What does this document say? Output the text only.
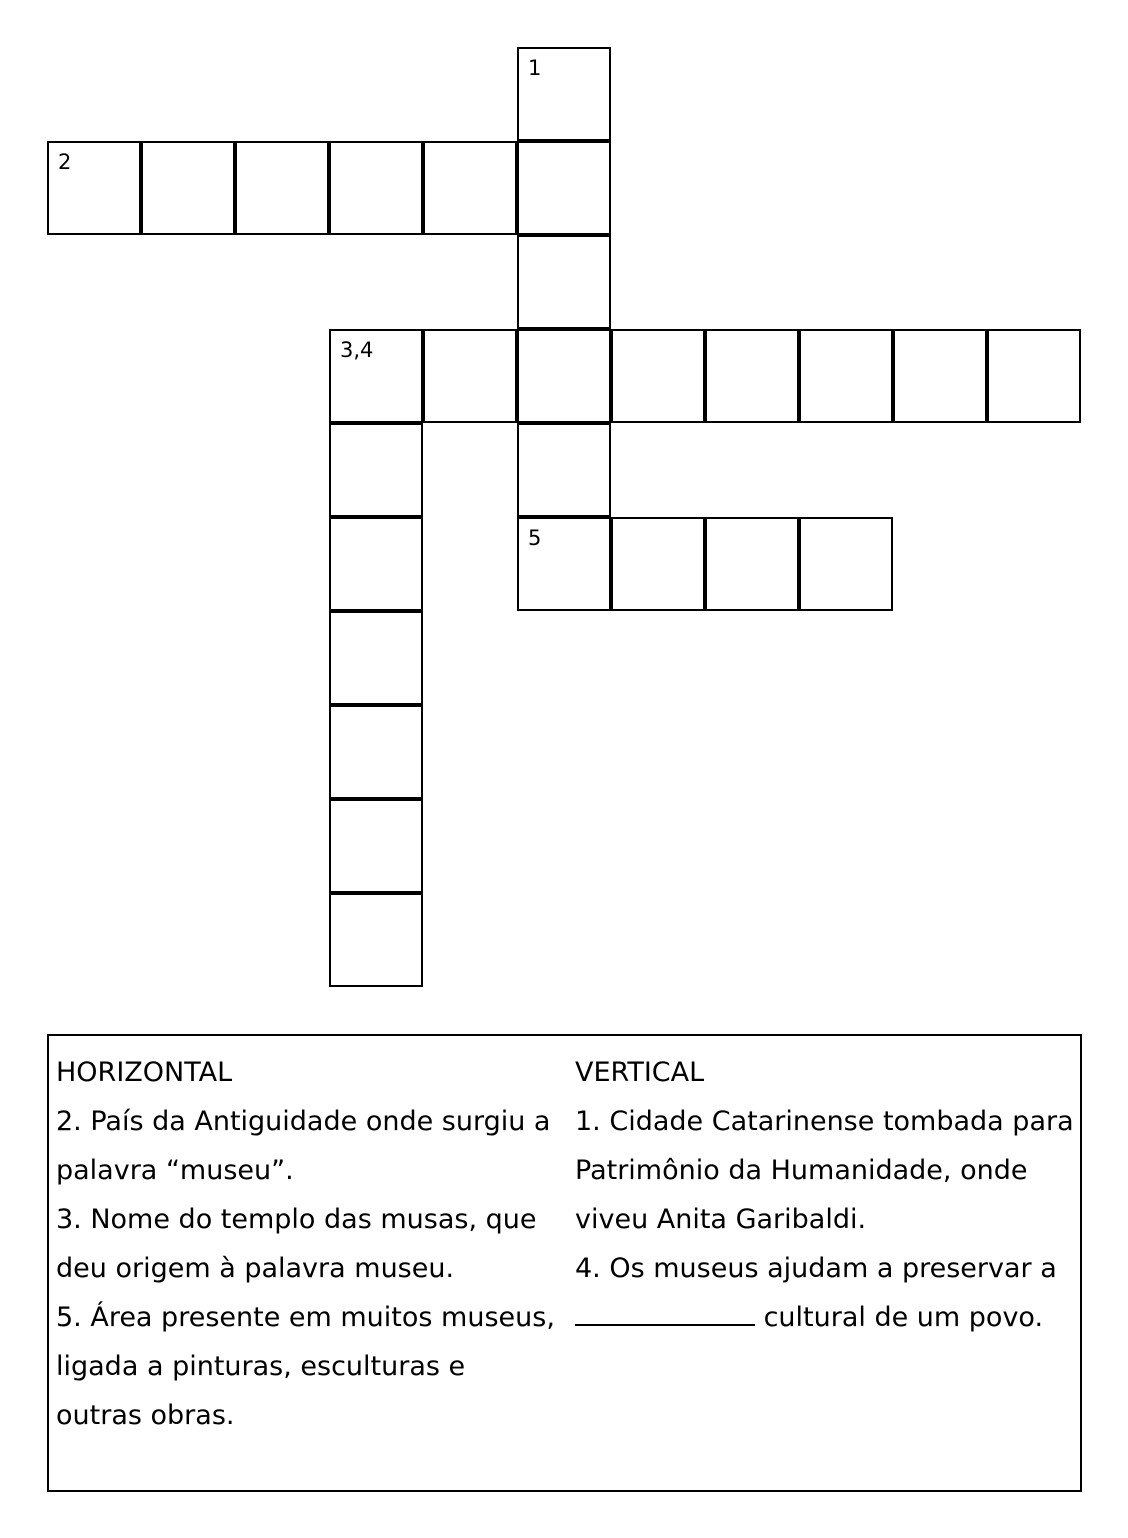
1
2
3,4
5
HORIZONTAL
2. País da Antiguidade onde surgiu a
palavra “museu”.
3. Nome do templo das musas, que
deu origem à palavra museu.
5. Área presente em muitos museus,
ligada a pinturas, esculturas e
outras obras.
VERTICAL
1. Cidade Catarinense tombada para
Patrimônio da Humanidade, onde
viveu Anita Garibaldi.
4. Os museus ajudam a preservar a
cultural de um povo.
